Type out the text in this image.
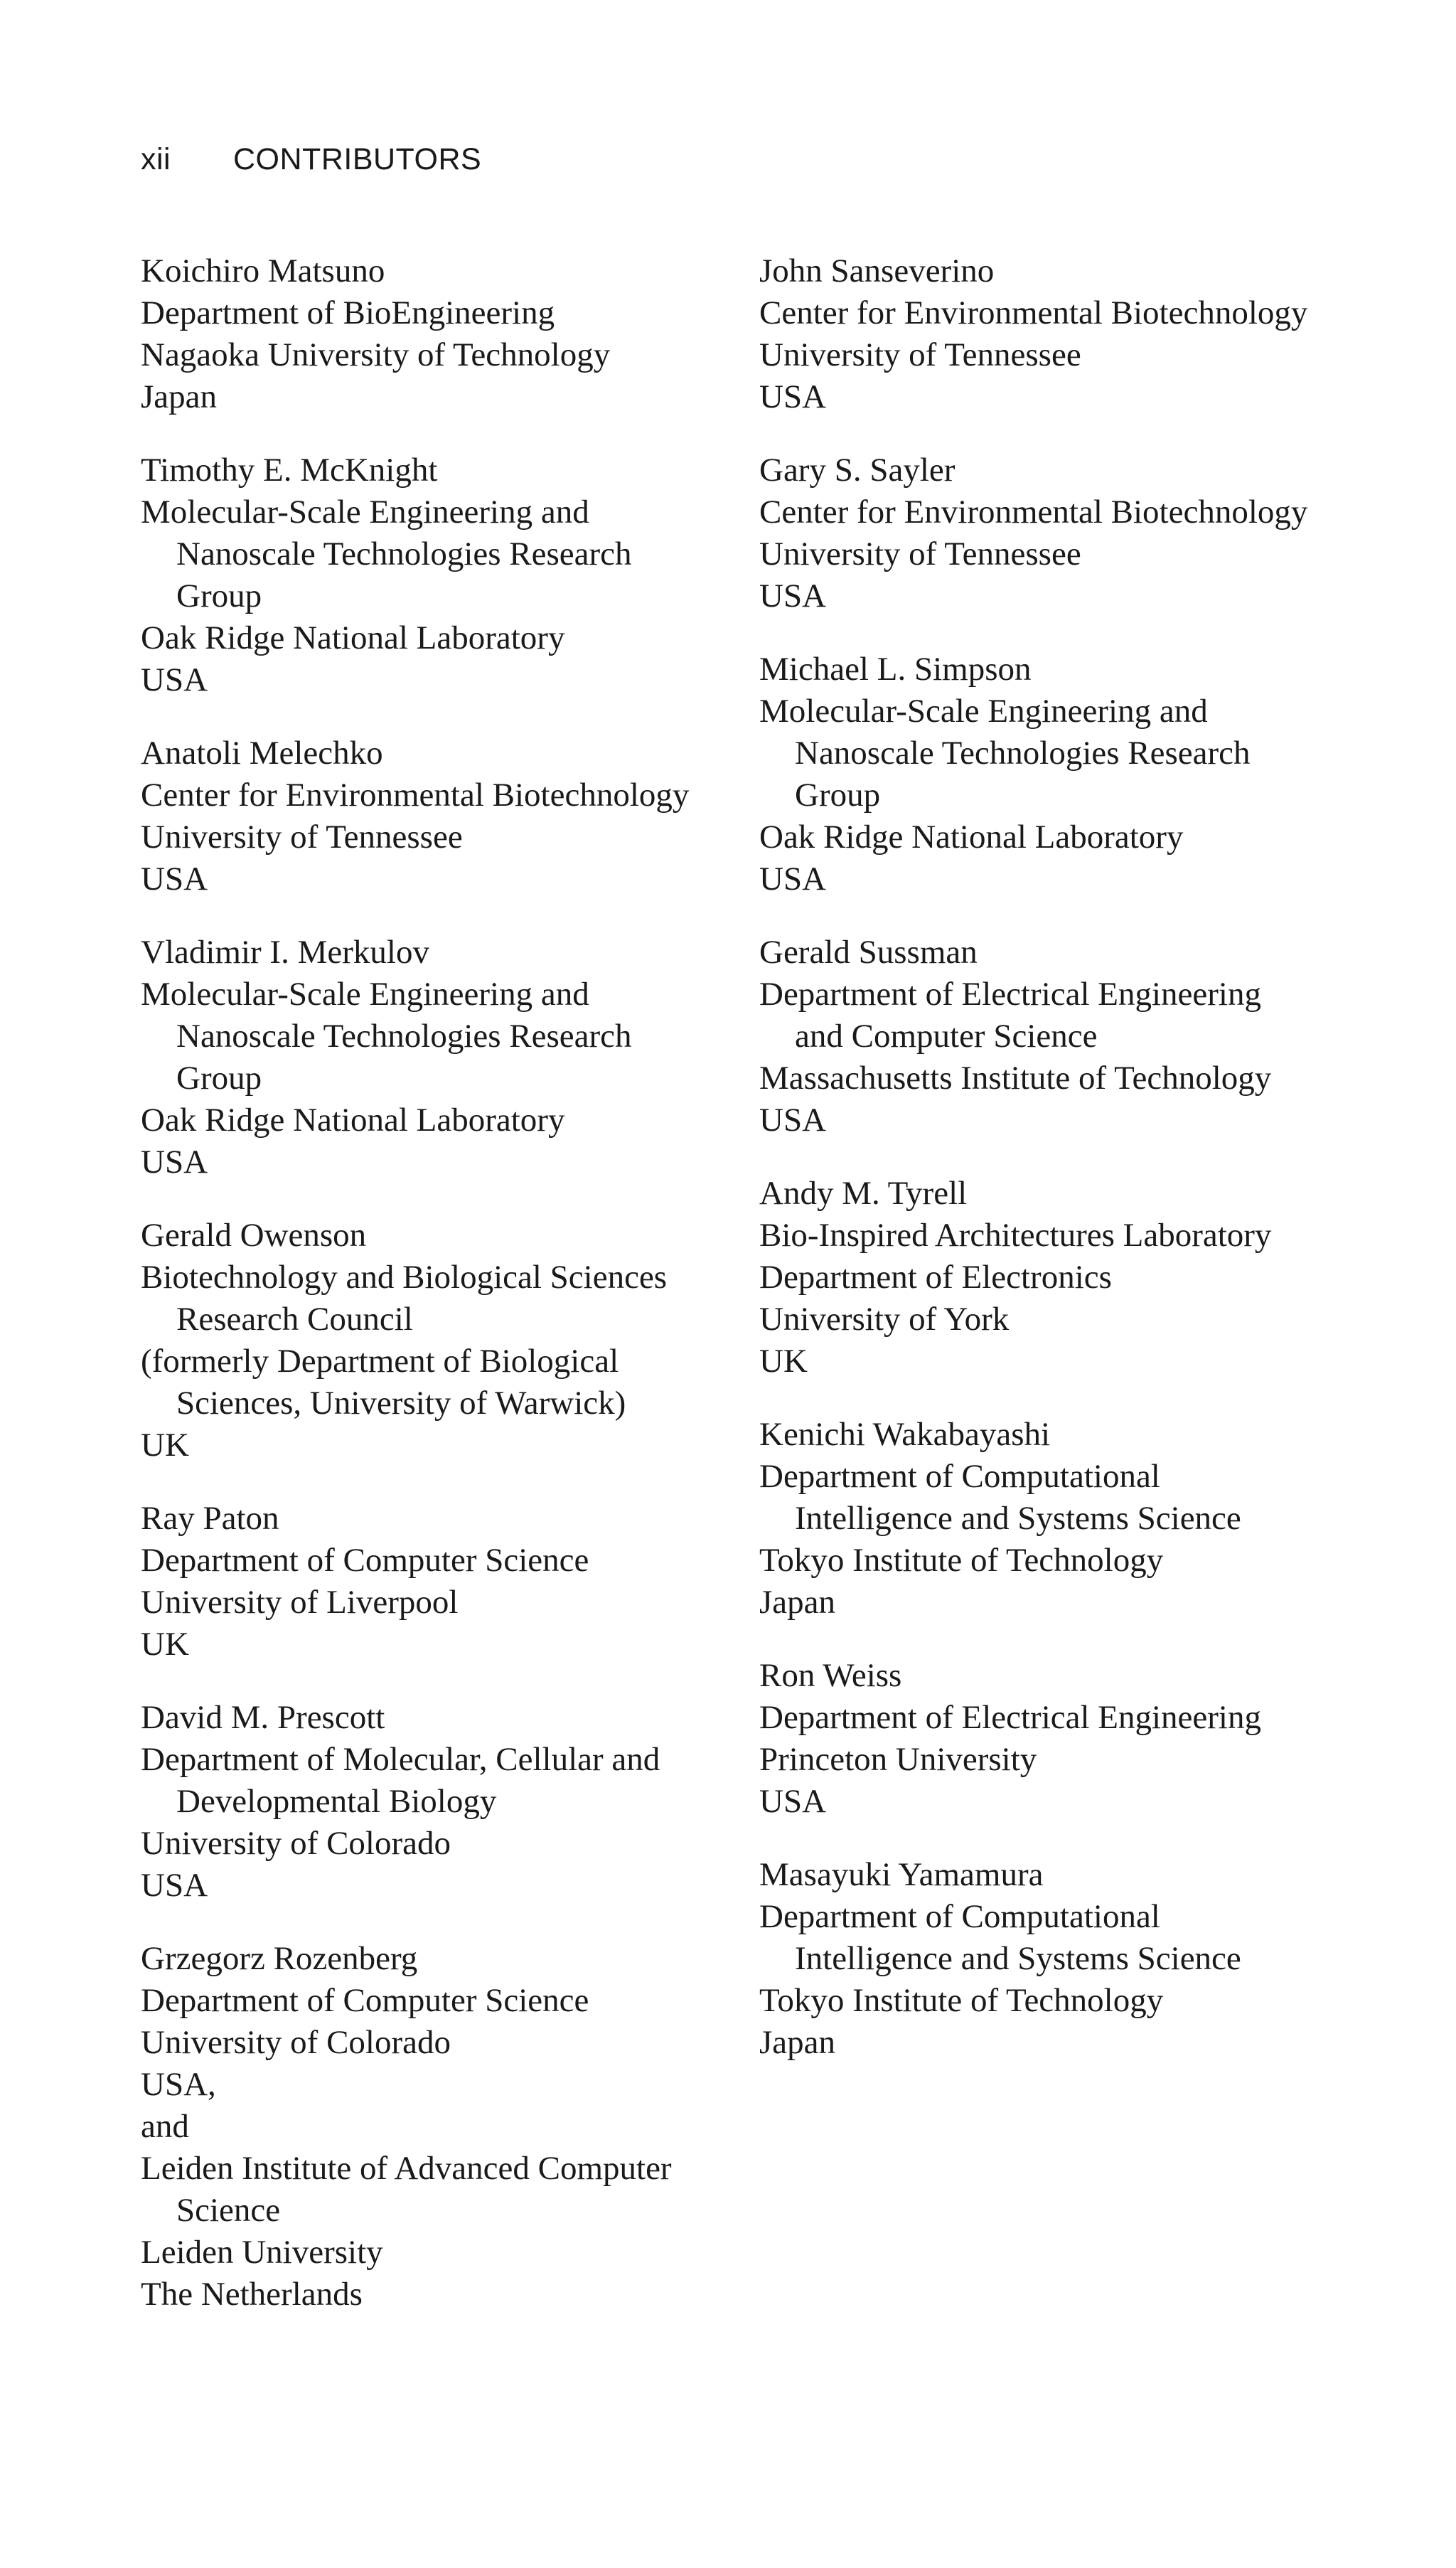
xii CONTRIBUTORS
Koichiro Matsuno
Department of BioEngineering
Nagaoka University of Technology
Japan
Timothy E. McKnight
Molecular-Scale Engineering and
Nanoscale Technologies Research
Group
Oak Ridge National Laboratory
USA
Anatoli Melechko
Center for Environmental Biotechnology
University of Tennessee
USA
Vladimir I. Merkulov
Molecular-Scale Engineering and
Nanoscale Technologies Research
Group
Oak Ridge National Laboratory
USA
Gerald Owenson
Biotechnology and Biological Sciences
Research Council
(formerly Department of Biological
Sciences, University of Warwick)
UK
Ray Paton
Department of Computer Science
University of Liverpool
UK
David M. Prescott
Department of Molecular, Cellular and
Developmental Biology
University of Colorado
USA
Grzegorz Rozenberg
Department of Computer Science
University of Colorado
USA,
and
Leiden Institute of Advanced Computer
Science
Leiden University
The Netherlands
John Sanseverino
Center for Environmental Biotechnology
University of Tennessee
USA
Gary S. Sayler
Center for Environmental Biotechnology
University of Tennessee
USA
Michael L. Simpson
Molecular-Scale Engineering and
Nanoscale Technologies Research
Group
Oak Ridge National Laboratory
USA
Gerald Sussman
Department of Electrical Engineering
and Computer Science
Massachusetts Institute of Technology
USA
Andy M. Tyrell
Bio-Inspired Architectures Laboratory
Department of Electronics
University of York
UK
Kenichi Wakabayashi
Department of Computational
Intelligence and Systems Science
Tokyo Institute of Technology
Japan
Ron Weiss
Department of Electrical Engineering
Princeton University
USA
Masayuki Yamamura
Department of Computational
Intelligence and Systems Science
Tokyo Institute of Technology
Japan
